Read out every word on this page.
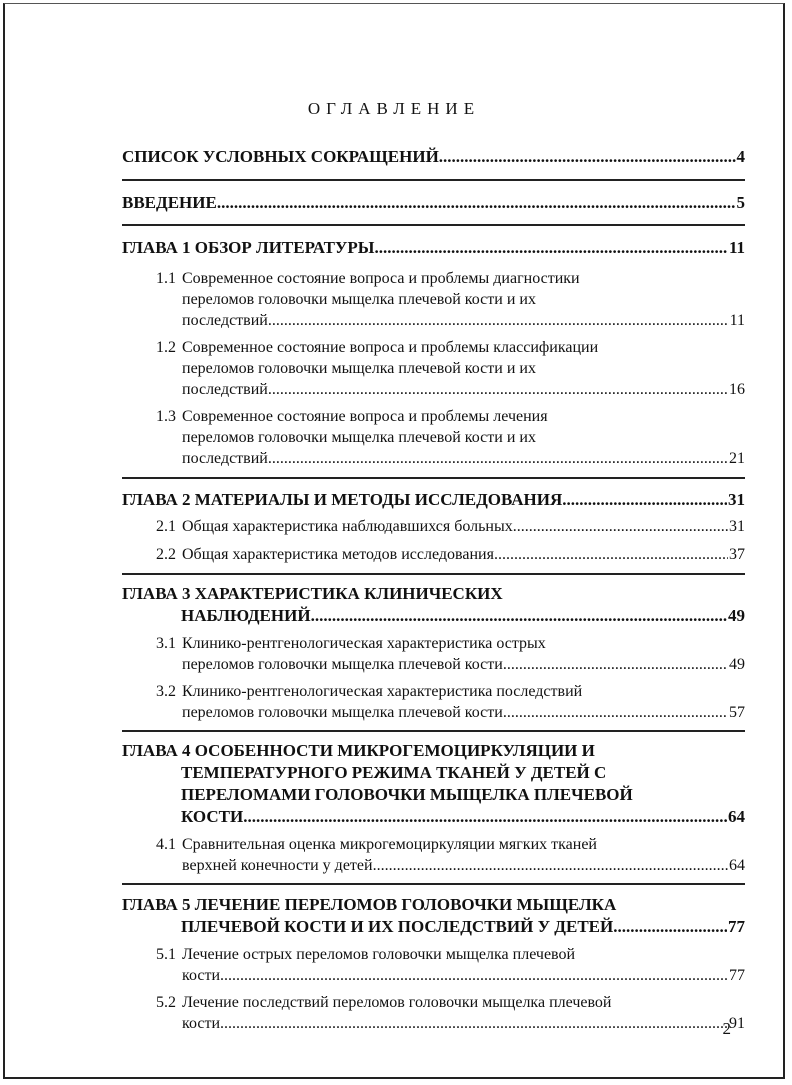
ОГЛАВЛЕНИЕ
СПИСОК УСЛОВНЫХ СОКРАЩЕНИЙ .....	4
ВВЕДЕНИЕ .....	5
ГЛАВА 1 ОБЗОР ЛИТЕРАТУРЫ .....	11
1.1 Современное состояние вопроса и проблемы диагностики
переломов головочки мыщелка плечевой кости и их
последствий .....	11
1.2 Современное состояние вопроса и проблемы классификации
переломов головочки мыщелка плечевой кости и их
последствий .....	16
1.3 Современное состояние вопроса и проблемы лечения
переломов головочки мыщелка плечевой кости и их
последствий .....	21
ГЛАВА 2 МАТЕРИАЛЫ И МЕТОДЫ ИССЛЕДОВАНИЯ .....	31
2.1 Общая характеристика наблюдавшихся больных .....	31
2.2 Общая характеристика методов исследования .....	37
ГЛАВА 3 ХАРАКТЕРИСТИКА КЛИНИЧЕСКИХ
НАБЛЮДЕНИЙ .....	49
3.1 Клинико-рентгенологическая характеристика острых
переломов головочки мыщелка плечевой кости .....	49
3.2 Клинико-рентгенологическая характеристика последствий
переломов головочки мыщелка плечевой кости .....	57
ГЛАВА 4 ОСОБЕННОСТИ МИКРОГЕМОЦИРКУЛЯЦИИ И
ТЕМПЕРАТУРНОГО РЕЖИМА ТКАНЕЙ У ДЕТЕЙ С
ПЕРЕЛОМАМИ ГОЛОВОЧКИ МЫЩЕЛКА ПЛЕЧЕВОЙ
КОСТИ .....	64
4.1 Сравнительная оценка микрогемоциркуляции мягких тканей
верхней конечности у детей .....	64
ГЛАВА 5 ЛЕЧЕНИЕ ПЕРЕЛОМОВ ГОЛОВОЧКИ МЫЩЕЛКА
ПЛЕЧЕВОЙ КОСТИ И ИХ ПОСЛЕДСТВИЙ У ДЕТЕЙ .....	77
5.1 Лечение острых переломов головочки мыщелка плечевой
кости .....	77
5.2 Лечение последствий переломов головочки мыщелка плечевой
кости .....	91
2
